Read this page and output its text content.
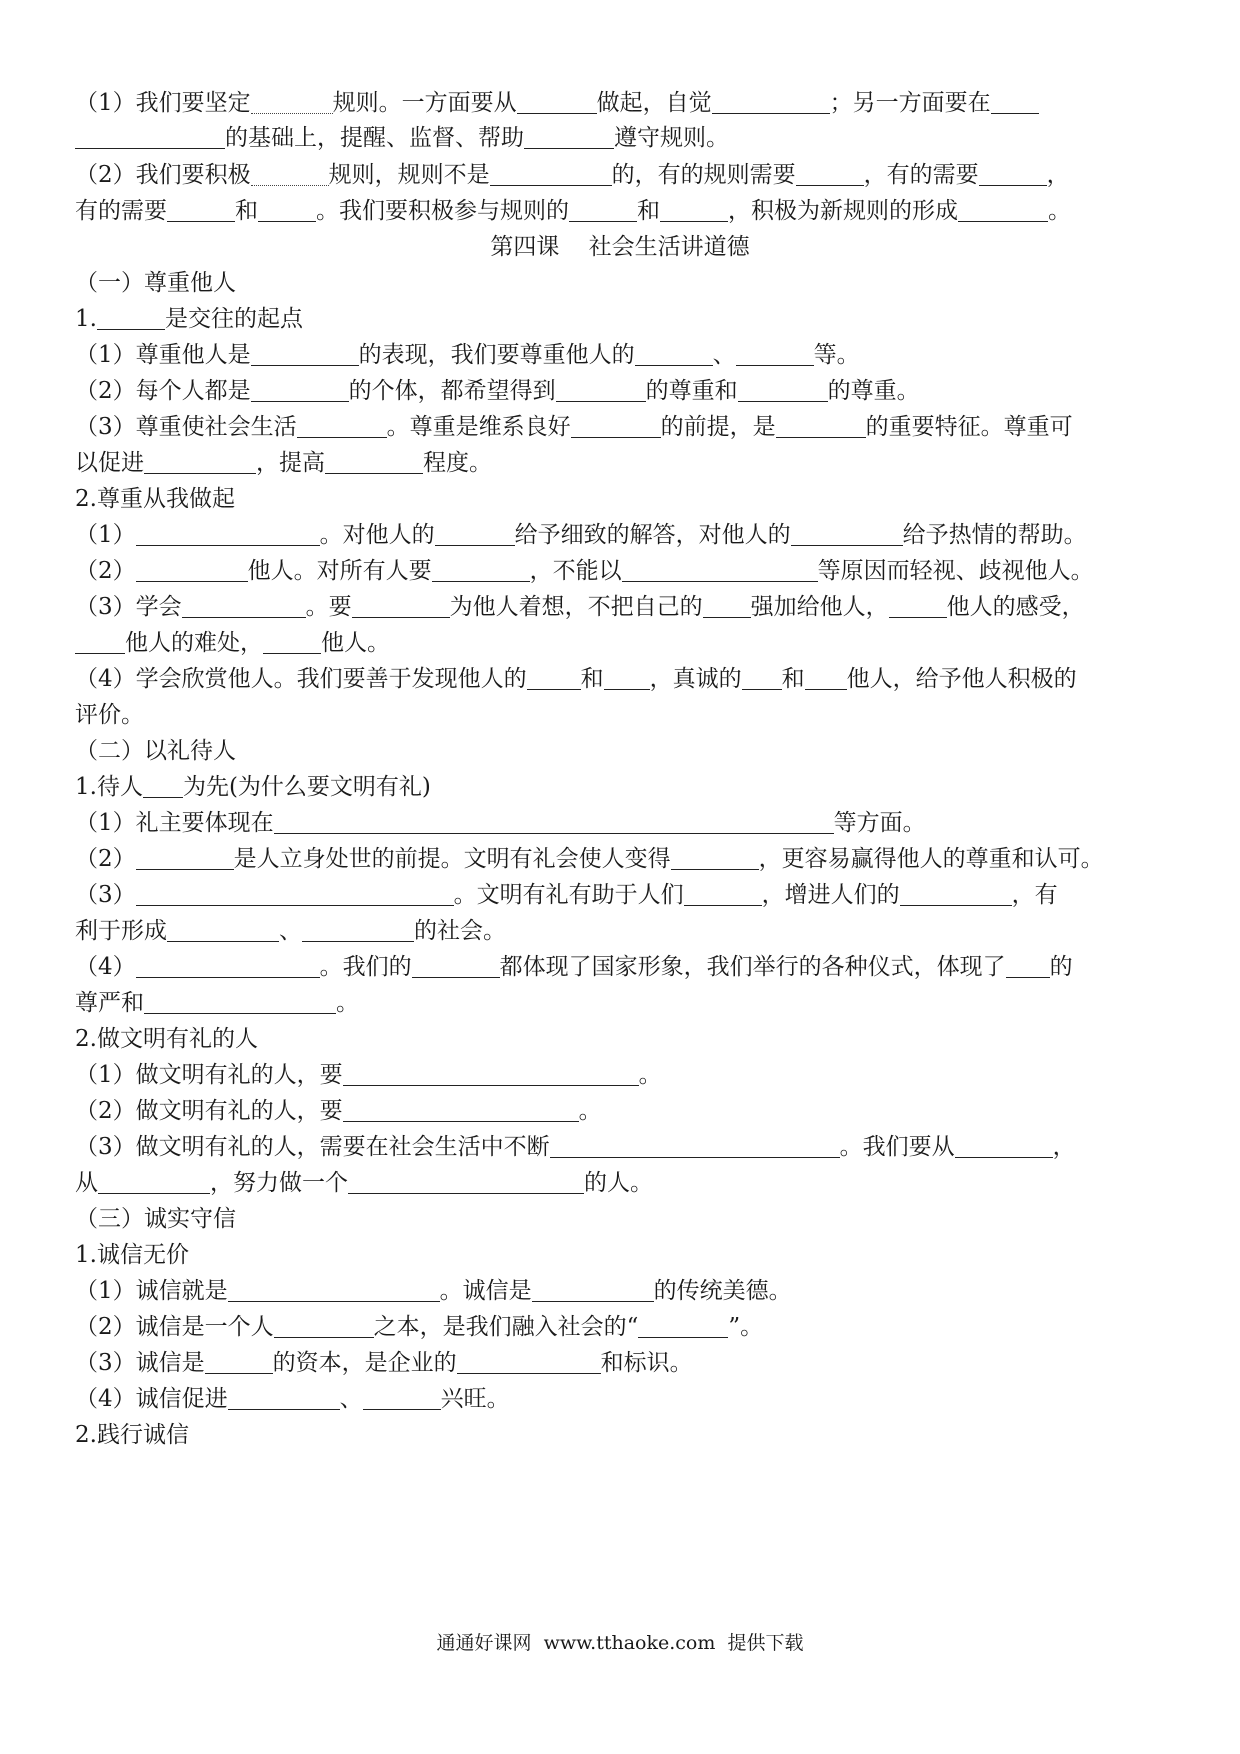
（1）我们要坚定	规则。一方面要从	做起，自觉	；另一方面要在
的基础上，提醒、监督、帮助	遵守规则。
（2）我们要积极	规则，规则不是	的，有的规则需要	，有的需要	，
有的需要	和	。我们要积极参与规则的	和	，积极为新规则的形成	。
第四课    社会生活讲道德
（一）尊重他人
1.	是交往的起点
（1）尊重他人是	的表现，我们要尊重他人的	、	等。
（2）每个人都是	的个体，都希望得到	的尊重和	的尊重。
（3）尊重使社会生活	。尊重是维系良好	的前提，是	的重要特征。尊重可
以促进	，提高	程度。
2.尊重从我做起
（1）	。对他人的	给予细致的解答，对他人的	给予热情的帮助。
（2）	他人。对所有人要	，不能以	等原因而轻视、歧视他人。
（3）学会	。要	为他人着想，不把自己的 强加给他人，	他人的感受，
他人的难处，	他人。
（4）学会欣赏他人。我们要善于发现他人的 和 ，真诚的 和 他人，给予他人积极的
评价。
（二）以礼待人
1.待人 为先(为什么要文明有礼)
（1）礼主要体现在	等方面。
（2）	是人立身处世的前提。文明有礼会使人变得	，更容易赢得他人的尊重和认可。
（3）	。文明有礼有助于人们	，增进人们的	，有
利于形成	、	的社会。
（4）	。我们的	都体现了国家形象，我们举行的各种仪式，体现了 的
尊严和	。
2.做文明有礼的人
（1）做文明有礼的人，要	。
（2）做文明有礼的人，要	。
（3）做文明有礼的人，需要在社会生活中不断	。我们要从	，
从	，努力做一个	的人。
（三）诚实守信
1.诚信无价
（1）诚信就是	。诚信是	的传统美德。
（2）诚信是一个人	之本，是我们融入社会的“	”。
（3）诚信是	的资本，是企业的	和标识。
（4）诚信促进	、	兴旺。
2.践行诚信
通通好课网  www.tthaoke.com  提供下载
